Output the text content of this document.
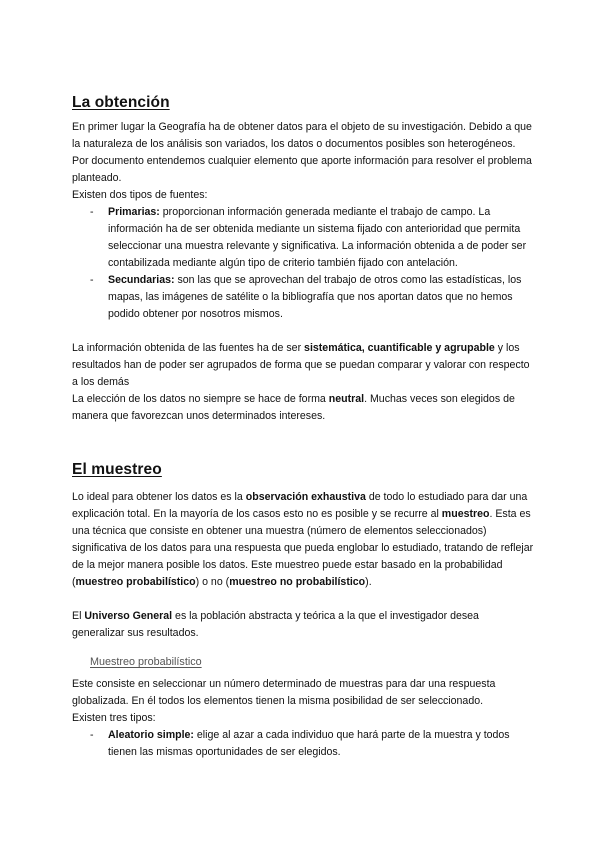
La obtención

En primer lugar la Geografía ha de obtener datos para el objeto de su investigación. Debido a que la naturaleza de los análisis son variados, los datos o documentos posibles son heterogéneos. Por documento entendemos cualquier elemento que aporte información para resolver el problema planteado.

Existen dos tipos de fuentes:

- Primarias: proporcionan información generada mediante el trabajo de campo. La información ha de ser obtenida mediante un sistema fijado con anterioridad que permita seleccionar una muestra relevante y significativa. La información obtenida a de poder ser contabilizada mediante algún tipo de criterio también fijado con antelación.
- Secundarias: son las que se aprovechan del trabajo de otros como las estadísticas, los mapas, las imágenes de satélite o la bibliografía que nos aportan datos que no hemos podido obtener por nosotros mismos.

La información obtenida de las fuentes ha de ser sistemática, cuantificable y agrupable y los resultados han de poder ser agrupados de forma que se puedan comparar y valorar con respecto a los demás

La elección de los datos no siempre se hace de forma neutral. Muchas veces son elegidos de manera que favorezcan unos determinados intereses.

El muestreo

Lo ideal para obtener los datos es la observación exhaustiva de todo lo estudiado para dar una explicación total. En la mayoría de los casos esto no es posible y se recurre al muestreo. Esta es una técnica que consiste en obtener una muestra (número de elementos seleccionados) significativa de los datos para una respuesta que pueda englobar lo estudiado, tratando de reflejar de la mejor manera posible los datos. Este muestreo puede estar basado en la probabilidad (muestreo probabilístico) o no (muestreo no probabilístico).

El Universo General es la población abstracta y teórica a la que el investigador desea generalizar sus resultados.

Muestreo probabilístico

Este consiste en seleccionar un número determinado de muestras para dar una respuesta globalizada. En él todos los elementos tienen la misma posibilidad de ser seleccionado.

Existen tres tipos:

- Aleatorio simple: elige al azar a cada individuo que hará parte de la muestra y todos tienen las mismas oportunidades de ser elegidos.
